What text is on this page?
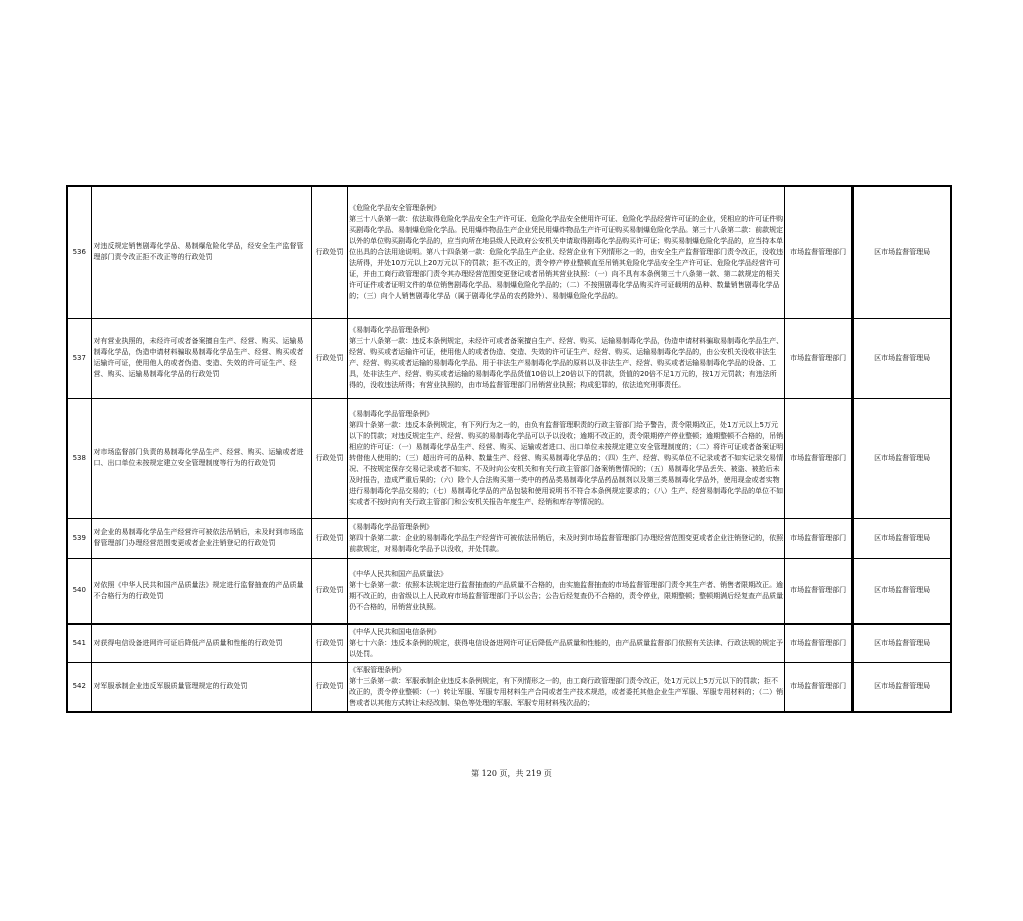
536	对违反规定销售剧毒化学品、易制爆危险化学品，经安全生产监督管理部门责令改正拒不改正等的行政处罚	行政处罚	《危险化学品安全管理条例》
第三十八条第一款：依法取得危险化学品安全生产许可证、危险化学品安全使用许可证、危险化学品经营许可证的企业，凭相应的许可证件购买剧毒化学品、易制爆危险化学品。民用爆炸物品生产企业凭民用爆炸物品生产许可证购买易制爆危险化学品。第三十八条第二款：前款规定以外的单位购买剧毒化学品的，应当向所在地县级人民政府公安机关申请取得剧毒化学品购买许可证；购买易制爆危险化学品的，应当持本单位出具的合法用途说明。第八十四条第一款：危险化学品生产企业、经营企业有下列情形之一的，由安全生产监督管理部门责令改正，没收违法所得，并处10万元以上20万元以下的罚款；拒不改正的，责令停产停业整顿直至吊销其危险化学品安全生产许可证、危险化学品经营许可证，并由工商行政管理部门责令其办理经营范围变更登记或者吊销其营业执照：（一）向不具有本条例第三十八条第一款、第二款规定的相关许可证件或者证明文件的单位销售剧毒化学品、易制爆危险化学品的；（二）不按照剧毒化学品购买许可证载明的品种、数量销售剧毒化学品的；（三）向个人销售剧毒化学品（属于剧毒化学品的农药除外）、易制爆危险化学品的。	市场监督管理部门	区市场监督管理局
537	对有营业执照的，未经许可或者备案擅自生产、经营、购买、运输易制毒化学品，伪造申请材料骗取易制毒化学品生产、经营、购买或者运输许可证，使用他人的或者伪造、变造、失效的许可证生产、经营、购买、运输易制毒化学品的行政处罚	行政处罚	《易制毒化学品管理条例》
第三十八条第一款：违反本条例规定，未经许可或者备案擅自生产、经营、购买、运输易制毒化学品，伪造申请材料骗取易制毒化学品生产、经营、购买或者运输许可证，使用他人的或者伪造、变造、失效的许可证生产、经营、购买、运输易制毒化学品的，由公安机关没收非法生产、经营、购买或者运输的易制毒化学品、用于非法生产易制毒化学品的原料以及非法生产、经营、购买或者运输易制毒化学品的设备、工具，处非法生产、经营、购买或者运输的易制毒化学品货值10倍以上20倍以下的罚款，货值的20倍不足1万元的，按1万元罚款；有违法所得的，没收违法所得；有营业执照的，由市场监督管理部门吊销营业执照；构成犯罪的，依法追究刑事责任。	市场监督管理部门	区市场监督管理局
538	对市场监督部门负责的易制毒化学品生产、经营、购买、运输或者进口、出口单位未按规定建立安全管理制度等行为的行政处罚	行政处罚	《易制毒化学品管理条例》
第四十条第一款：违反本条例规定，有下列行为之一的，由负有监督管理职责的行政主管部门给予警告，责令限期改正，处1万元以上5万元以下的罚款；对违反规定生产、经营、购买的易制毒化学品可以予以没收；逾期不改正的，责令限期停产停业整顿；逾期整顿不合格的，吊销相应的许可证：（一）易制毒化学品生产、经营、购买、运输或者进口、出口单位未按规定建立安全管理制度的；（二）将许可证或者备案证明转借他人使用的；（三）超出许可的品种、数量生产、经营、购买易制毒化学品的；（四）生产、经营、购买单位不记录或者不如实记录交易情况、不按规定保存交易记录或者不如实、不及时向公安机关和有关行政主管部门备案销售情况的；（五）易制毒化学品丢失、被盗、被抢后未及时报告，造成严重后果的；（六）除个人合法购买第一类中的药品类易制毒化学品药品制剂以及第三类易制毒化学品外，使用现金或者实物进行易制毒化学品交易的；（七）易制毒化学品的产品包装和使用说明书不符合本条例规定要求的；（八）生产、经营易制毒化学品的单位不如实或者不按时向有关行政主管部门和公安机关报告年度生产、经销和库存等情况的。	市场监督管理部门	区市场监督管理局
539	对企业的易制毒化学品生产经营许可被依法吊销后，未及时到市场监督管理部门办理经营范围变更或者企业注销登记的行政处罚	行政处罚	《易制毒化学品管理条例》
第四十条第二款：企业的易制毒化学品生产经营许可被依法吊销后，未及时到市场监督管理部门办理经营范围变更或者企业注销登记的，依照前款规定，对易制毒化学品予以没收，并处罚款。	市场监督管理部门	区市场监督管理局
540	对依照《中华人民共和国产品质量法》规定进行监督抽查的产品质量不合格行为的行政处罚	行政处罚	《中华人民共和国产品质量法》
第十七条第一款：依照本法规定进行监督抽查的产品质量不合格的，由实施监督抽查的市场监督管理部门责令其生产者、销售者限期改正。逾期不改正的，由省级以上人民政府市场监督管理部门予以公告；公告后经复查仍不合格的，责令停业，限期整顿；整顿期满后经复查产品质量仍不合格的，吊销营业执照。	市场监督管理部门	区市场监督管理局
541	对获得电信设备进网许可证后降低产品质量和性能的行政处罚	行政处罚	《中华人民共和国电信条例》
第七十六条：违反本条例的规定，获得电信设备进网许可证后降低产品质量和性能的，由产品质量监督部门依照有关法律、行政法规的规定予以处罚。	市场监督管理部门	区市场监督管理局
542	对军服承制企业违反军服质量管理规定的行政处罚	行政处罚	《军服管理条例》
第十三条第一款：军服承制企业违反本条例规定，有下列情形之一的，由工商行政管理部门责令改正，处1万元以上5万元以下的罚款；拒不改正的，责令停业整顿：（一）转让军服、军服专用材料生产合同或者生产技术规范，或者委托其他企业生产军服、军服专用材料的；（二）销售或者以其他方式转让未经改制、染色等处理的军服、军服专用材料残次品的；	市场监督管理部门	区市场监督管理局
第 120 页，共 219 页
